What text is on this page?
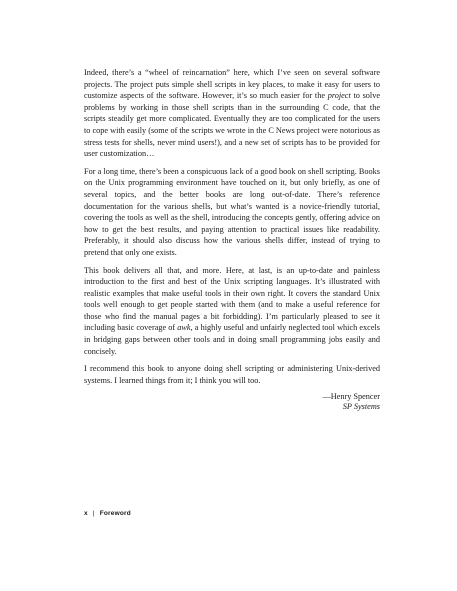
Indeed, there’s a “wheel of reincarnation” here, which I’ve seen on several software projects. The project puts simple shell scripts in key places, to make it easy for users to customize aspects of the software. However, it’s so much easier for the project to solve problems by working in those shell scripts than in the surrounding C code, that the scripts steadily get more complicated. Eventually they are too complicated for the users to cope with easily (some of the scripts we wrote in the C News project were notorious as stress tests for shells, never mind users!), and a new set of scripts has to be provided for user customization…

For a long time, there’s been a conspicuous lack of a good book on shell scripting. Books on the Unix programming environment have touched on it, but only briefly, as one of several topics, and the better books are long out-of-date. There’s reference documentation for the various shells, but what’s wanted is a novice-friendly tutorial, covering the tools as well as the shell, introducing the concepts gently, offering advice on how to get the best results, and paying attention to practical issues like readability. Preferably, it should also discuss how the various shells differ, instead of trying to pretend that only one exists.

This book delivers all that, and more. Here, at last, is an up-to-date and painless introduction to the first and best of the Unix scripting languages. It’s illustrated with realistic examples that make useful tools in their own right. It covers the standard Unix tools well enough to get people started with them (and to make a useful reference for those who find the manual pages a bit forbidding). I’m particularly pleased to see it including basic coverage of awk, a highly useful and unfairly neglected tool which excels in bridging gaps between other tools and in doing small programming jobs easily and concisely.

I recommend this book to anyone doing shell scripting or administering Unix-derived systems. I learned things from it; I think you will too.

—Henry Spencer
SP Systems
x | Foreword
